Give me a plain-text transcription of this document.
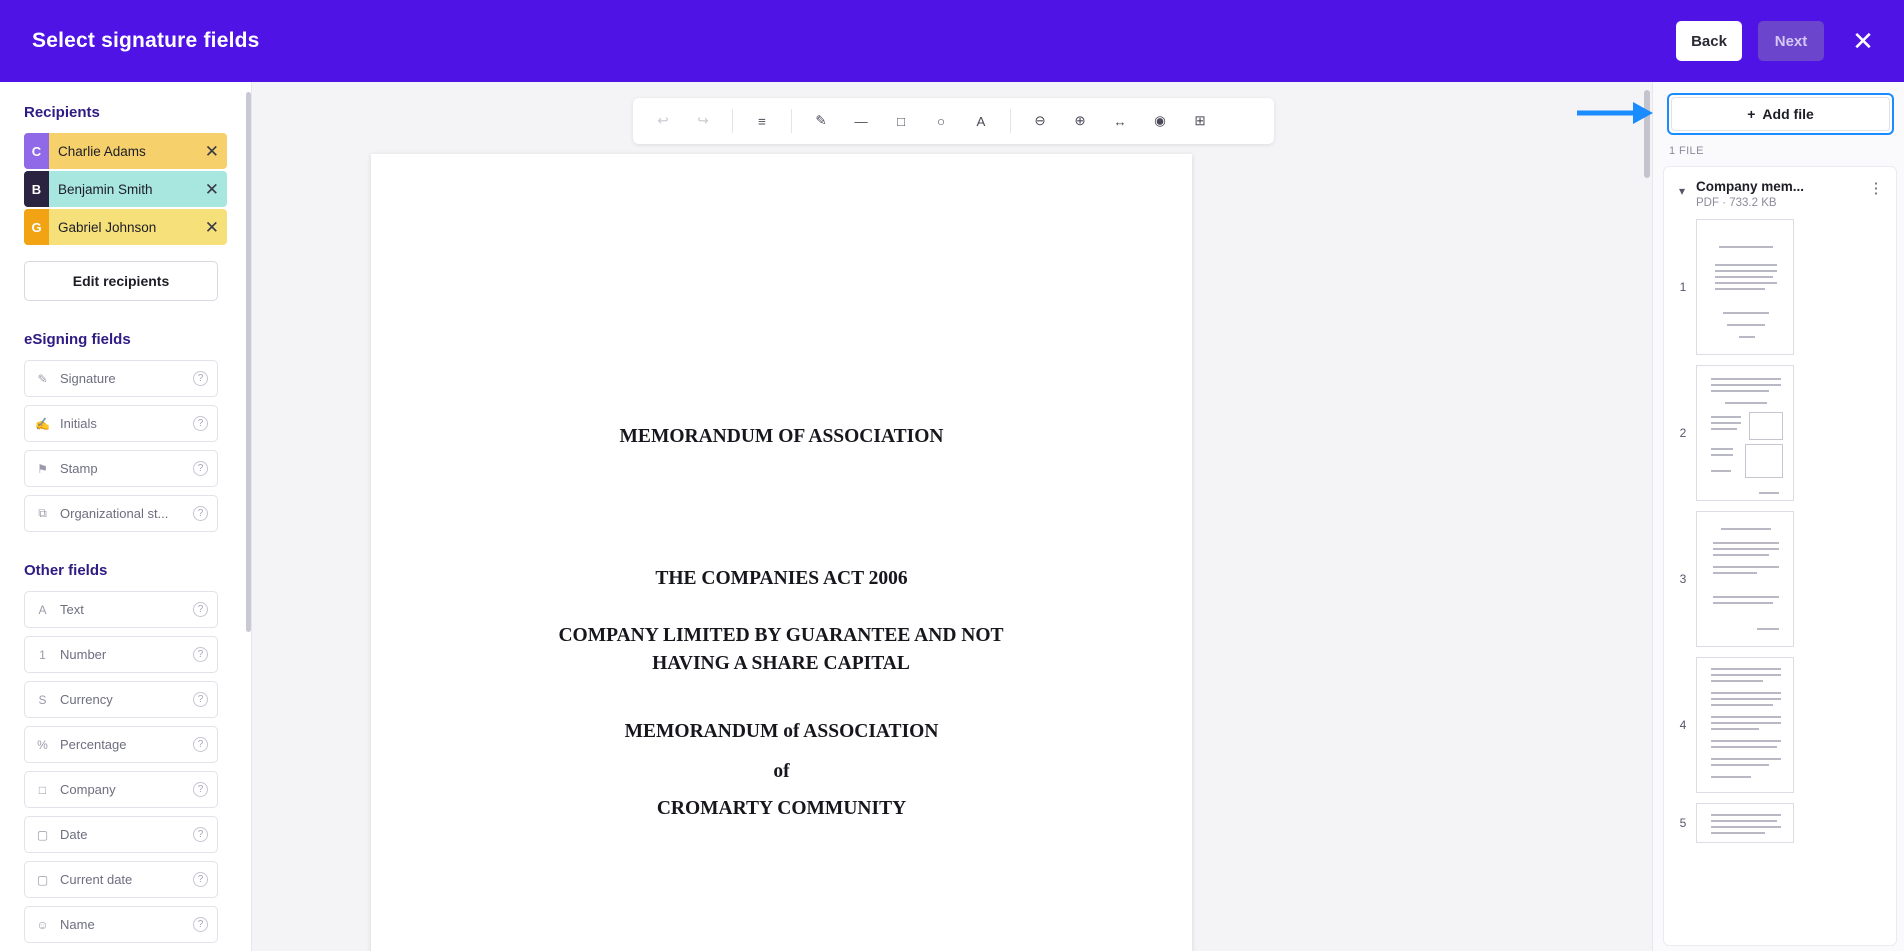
Select signature fields	Back	Next	✕
Recipients
C	Charlie Adams	✕
B	Benjamin Smith	✕
G	Gabriel Johnson	✕
Edit recipients
eSigning fields
✎ Signature	?
✍ Initials	?
⚑ Stamp	?
⧉	Organizational st...	?
Other fields
A	Text	?
1	Number	?
S	Currency	?
% Percentage	?
□	Company	?
▢ Date	?
▢ Current date	?
☺ Name	?
↩	↪	≡	✎	—	□	○	A	⊖	⊕	↔	◉	⊞
MEMORANDUM OF ASSOCIATION
THE COMPANIES ACT 2006
COMPANY LIMITED BY GUARANTEE AND NOT HAVING A SHARE CAPITAL
MEMORANDUM of ASSOCIATION
of
CROMARTY COMMUNITY
+ Add file
1 FILE
▾ Company mem...
PDF · 733.2 KB
⋮
1
2
3
4
5
